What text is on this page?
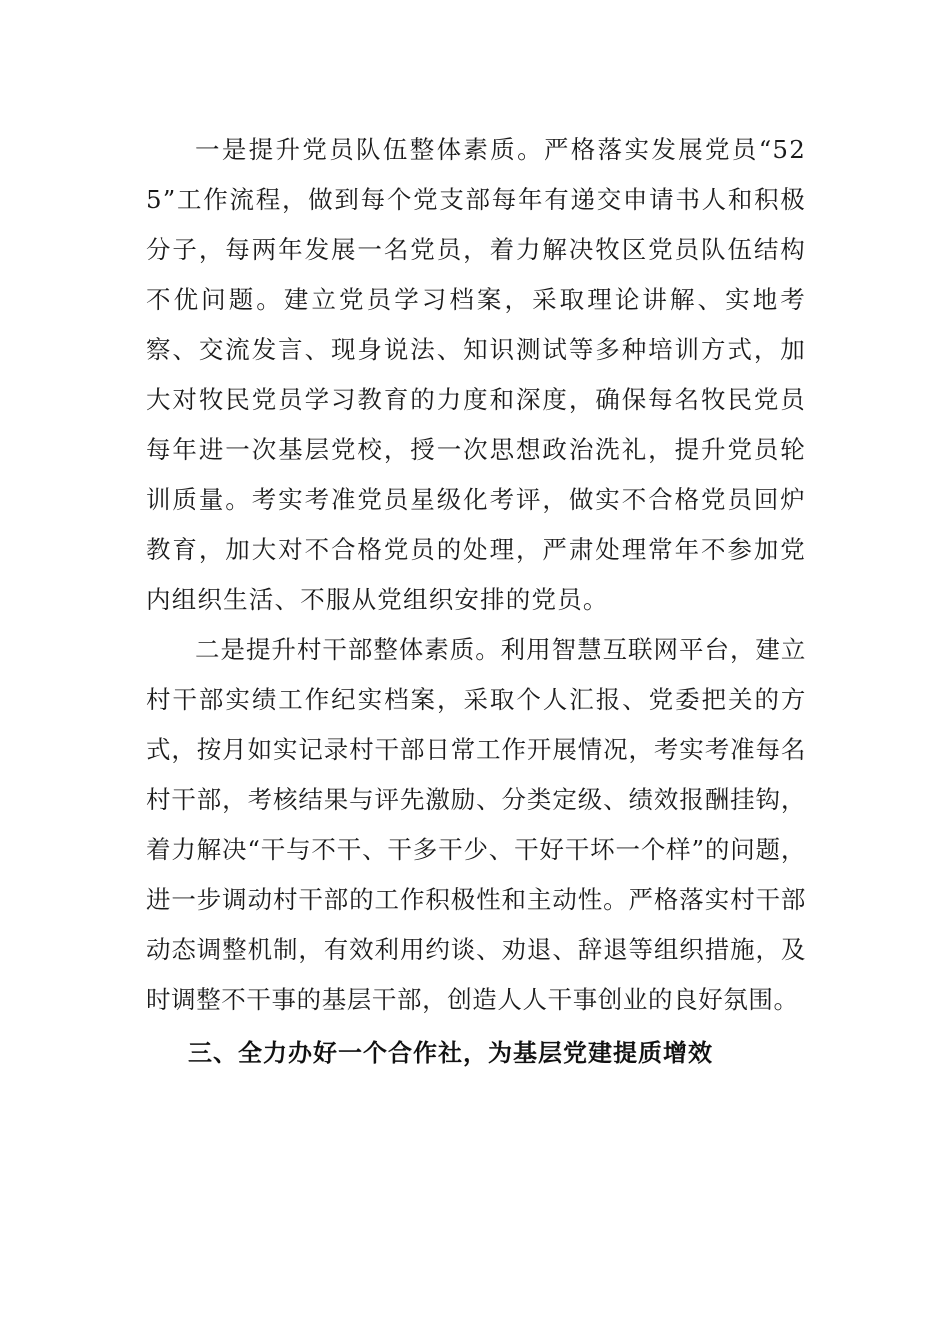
一是提升党员队伍整体素质。严格落实发展党员“525”工作流程，做到每个党支部每年有递交申请书人和积极分子，每两年发展一名党员，着力解决牧区党员队伍结构不优问题。建立党员学习档案，采取理论讲解、实地考察、交流发言、现身说法、知识测试等多种培训方式，加大对牧民党员学习教育的力度和深度，确保每名牧民党员每年进一次基层党校，授一次思想政治洗礼，提升党员轮训质量。考实考准党员星级化考评，做实不合格党员回炉教育，加大对不合格党员的处理，严肃处理常年不参加党内组织生活、不服从党组织安排的党员。

二是提升村干部整体素质。利用智慧互联网平台，建立村干部实绩工作纪实档案，采取个人汇报、党委把关的方式，按月如实记录村干部日常工作开展情况，考实考准每名村干部，考核结果与评先激励、分类定级、绩效报酬挂钩，着力解决“干与不干、干多干少、干好干坏一个样”的问题，进一步调动村干部的工作积极性和主动性。严格落实村干部动态调整机制，有效利用约谈、劝退、辞退等组织措施，及时调整不干事的基层干部，创造人人干事创业的良好氛围。

三、全力办好一个合作社，为基层党建提质增效
